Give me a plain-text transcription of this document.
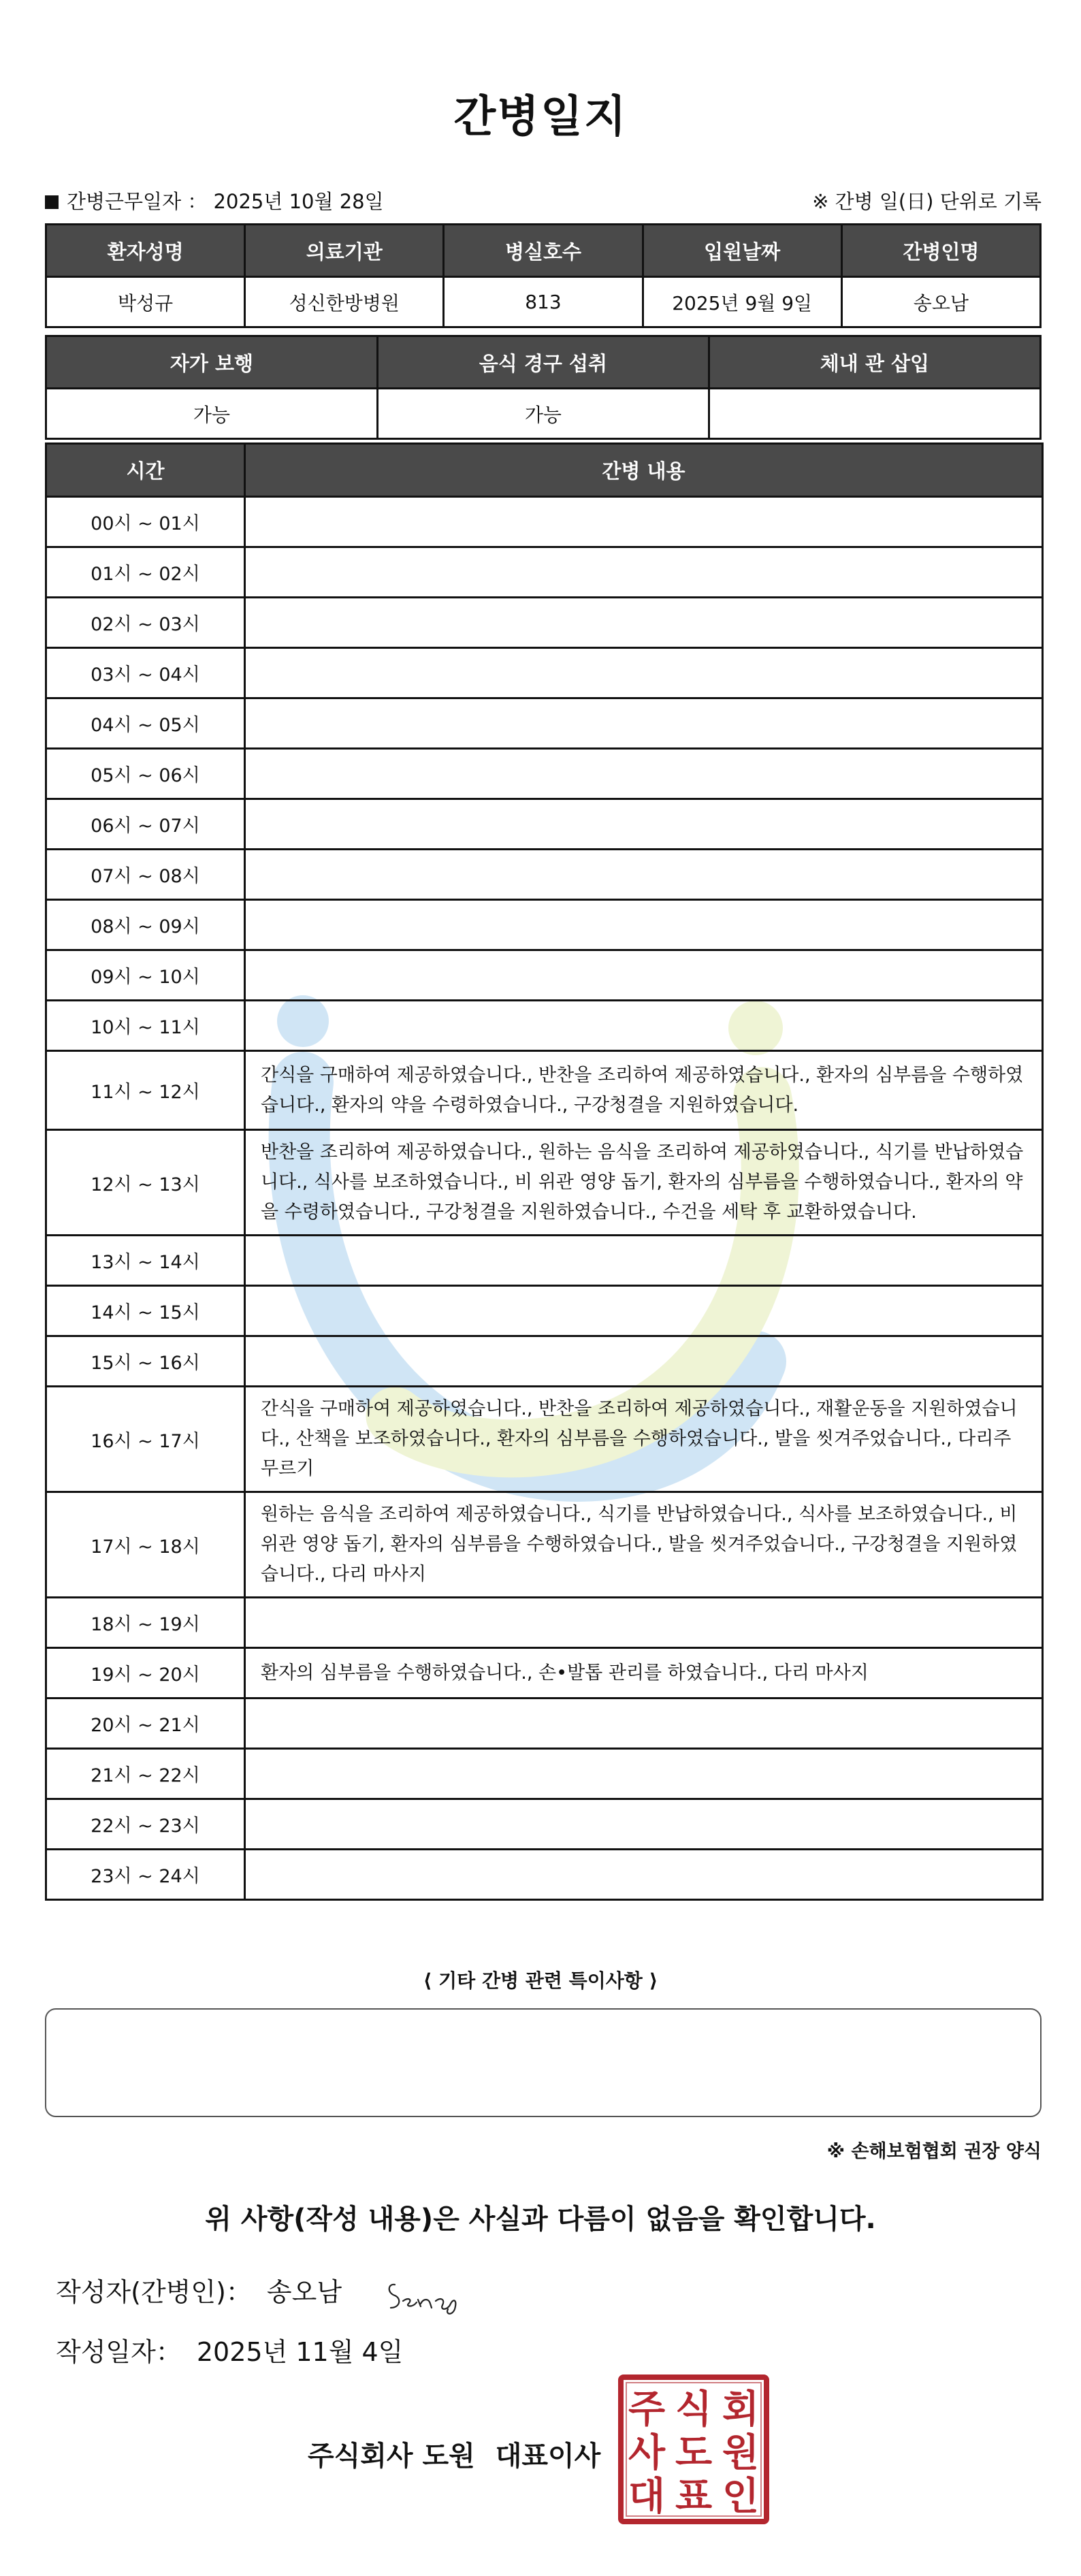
간병일지
간병근무일자 ： 2025년 10월 28일	※ 간병 일(日) 단위로 기록
환자성명	의료기관	병실호수	입원날짜	간병인명
박성규	성신한방병원	813	2025년 9월 9일	송오남
자가 보행	음식 경구 섭취	체내 관 삽입
가능	가능	
시간	간병 내용
00시 ~ 01시	
01시 ~ 02시	
02시 ~ 03시	
03시 ~ 04시	
04시 ~ 05시	
05시 ~ 06시	
06시 ~ 07시	
07시 ~ 08시	
08시 ~ 09시	
09시 ~ 10시	
10시 ~ 11시	
11시 ~ 12시	간식을 구매하여 제공하였습니다., 반찬을 조리하여 제공하였습니다., 환자의 심부름을 수행하였습니다., 환자의 약을 수령하였습니다., 구강청결을 지원하였습니다.
12시 ~ 13시	반찬을 조리하여 제공하였습니다., 원하는 음식을 조리하여 제공하였습니다., 식기를 반납하였습니다., 식사를 보조하였습니다., 비 위관 영양 돕기, 환자의 심부름을 수행하였습니다., 환자의 약을 수령하였습니다., 구강청결을 지원하였습니다., 수건을 세탁 후 교환하였습니다.
13시 ~ 14시	
14시 ~ 15시	
15시 ~ 16시	
16시 ~ 17시	간식을 구매하여 제공하였습니다., 반찬을 조리하여 제공하였습니다., 재활운동을 지원하였습니다., 산책을 보조하였습니다., 환자의 심부름을 수행하였습니다., 발을 씻겨주었습니다., 다리주무르기
17시 ~ 18시	원하는 음식을 조리하여 제공하였습니다., 식기를 반납하였습니다., 식사를 보조하였습니다., 비 위관 영양 돕기, 환자의 심부름을 수행하였습니다., 발을 씻겨주었습니다., 구강청결을 지원하였습니다., 다리 마사지
18시 ~ 19시	
19시 ~ 20시	환자의 심부름을 수행하였습니다., 손•발톱 관리를 하였습니다., 다리 마사지
20시 ~ 21시	
21시 ~ 22시	
22시 ~ 23시	
23시 ~ 24시	
⟨ 기타 간병 관련 특이사항 ⟩
※ 손해보험협회 권장 양식
위 사항(작성 내용)은 사실과 다름이 없음을 확인합니다.
작성자(간병인)： 송오남
작성일자： 2025년 11월 4일
주식회사 도원 대표이사
주 식 회
사 도 원
대 표 인
